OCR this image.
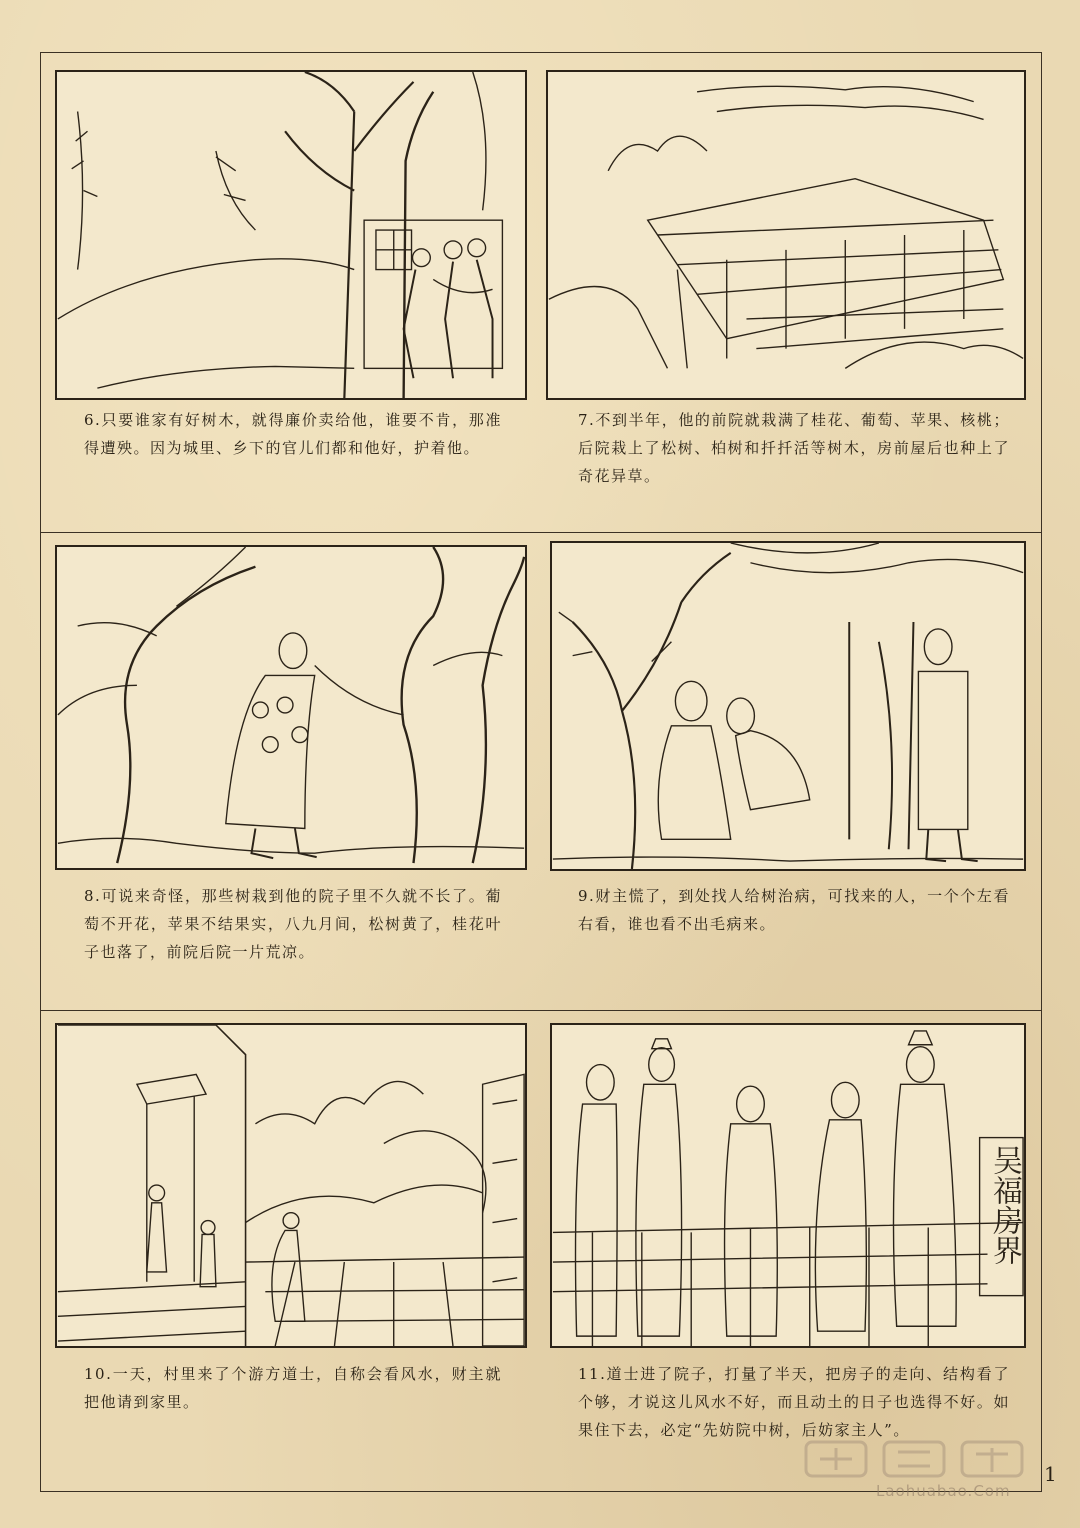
6.只要谁家有好树木，就得廉价卖给他，谁要不肯，那准得遭殃。因为城里、乡下的官儿们都和他好，护着他。
7.不到半年，他的前院就栽满了桂花、葡萄、苹果、核桃；后院栽上了松树、柏树和扦扦活等树木，房前屋后也种上了奇花异草。
8.可说来奇怪，那些树栽到他的院子里不久就不长了。葡萄不开花，苹果不结果实，八九月间，松树黄了，桂花叶子也落了，前院后院一片荒凉。
9.财主慌了，到处找人给树治病，可找来的人，一个个左看右看，谁也看不出毛病来。
10.一天，村里来了个游方道士，自称会看风水，财主就把他请到家里。
吴福房界
11.道士进了院子，打量了半天，把房子的走向、结构看了个够，才说这儿风水不好，而且动土的日子也选得不好。如果住下去，必定“先妨院中树，后妨家主人”。
Laohuabao.Com
1
